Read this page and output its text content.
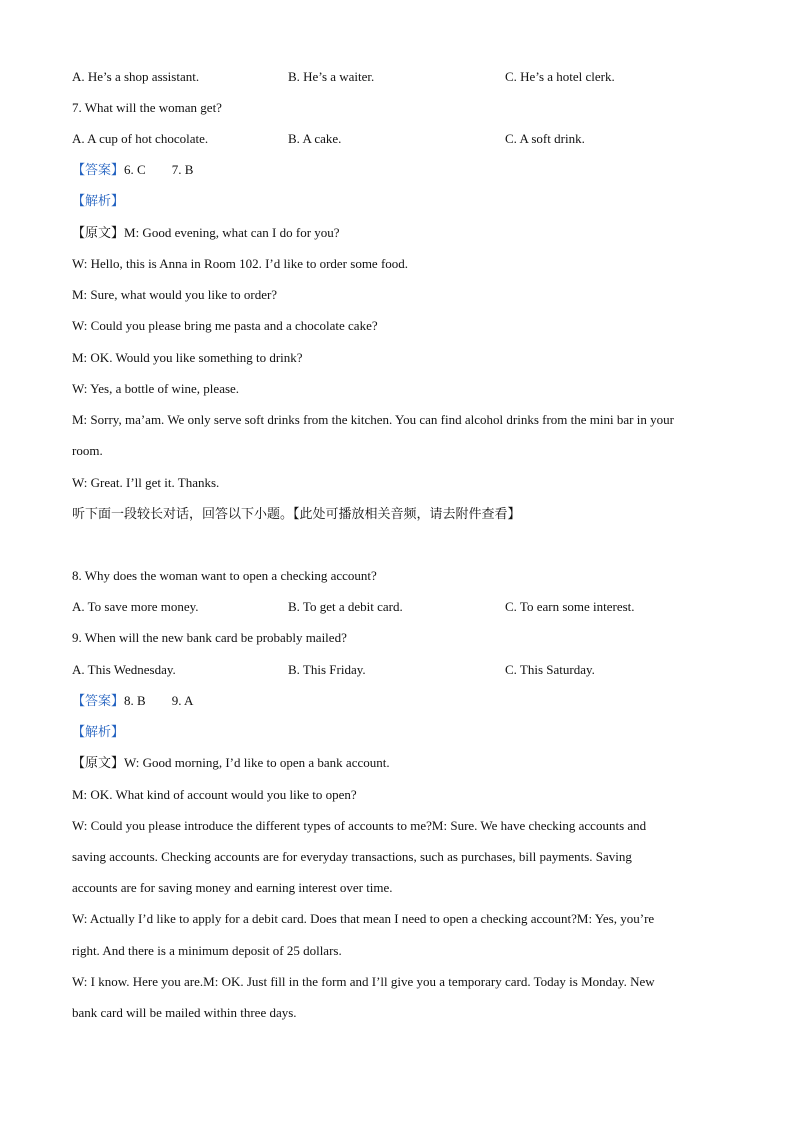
A. He’s a shop assistant.	B. He’s a waiter.	C. He’s a hotel clerk.
7. What will the woman get?
A. A cup of hot chocolate.	B. A cake.	C. A soft drink.
【答案】6. C 7. B
【解析】
【原文】M: Good evening, what can I do for you?
W: Hello, this is Anna in Room 102. I’d like to order some food.
M: Sure, what would you like to order?
W: Could you please bring me pasta and a chocolate cake?
M: OK. Would you like something to drink?
W: Yes, a bottle of wine, please.
M: Sorry, ma’am. We only serve soft drinks from the kitchen. You can find alcohol drinks from the mini bar in your
room.
W: Great. I’ll get it. Thanks.
听下面一段较长对话，回答以下小题。【此处可播放相关音频，请去附件查看】
8. Why does the woman want to open a checking account?
A. To save more money.	B. To get a debit card.	C. To earn some interest.
9. When will the new bank card be probably mailed?
A. This Wednesday.	B. This Friday.	C. This Saturday.
【答案】8. B 9. A
【解析】
【原文】W: Good morning, I’d like to open a bank account.
M: OK. What kind of account would you like to open?
W: Could you please introduce the different types of accounts to me?M: Sure. We have checking accounts and
saving accounts. Checking accounts are for everyday transactions, such as purchases, bill payments. Saving
accounts are for saving money and earning interest over time.
W: Actually I’d like to apply for a debit card. Does that mean I need to open a checking account?M: Yes, you’re
right. And there is a minimum deposit of 25 dollars.
W: I know. Here you are.M: OK. Just fill in the form and I’ll give you a temporary card. Today is Monday. New
bank card will be mailed within three days.
